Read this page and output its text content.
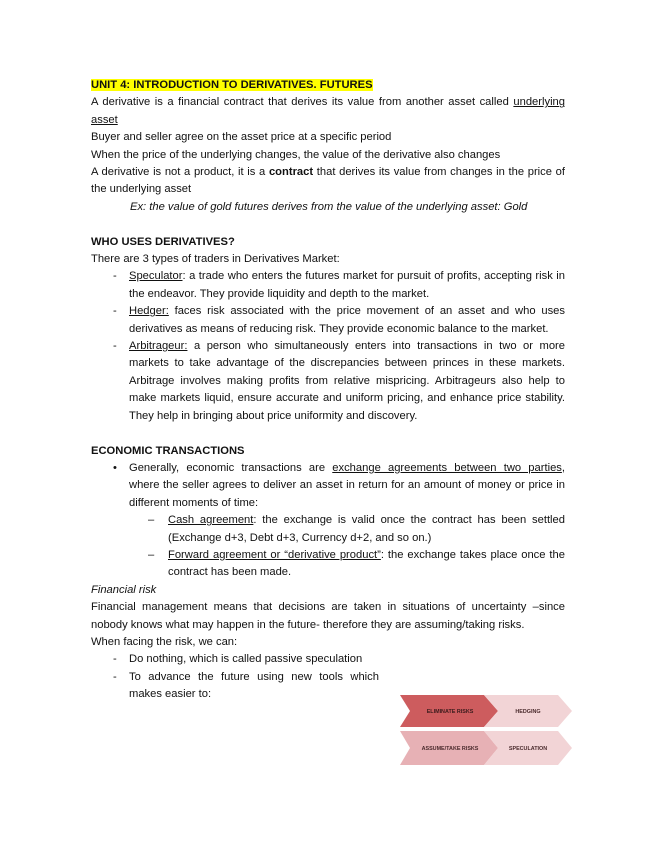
UNIT 4: INTRODUCTION TO DERIVATIVES. FUTURES

A derivative is a financial contract that derives its value from another asset called underlying asset

Buyer and seller agree on the asset price at a specific period

When the price of the underlying changes, the value of the derivative also changes

A derivative is not a product, it is a contract that derives its value from changes in the price of the underlying asset

Ex: the value of gold futures derives from the value of the underlying asset: Gold

WHO USES DERIVATIVES?

There are 3 types of traders in Derivatives Market:

- Speculator: a trade who enters the futures market for pursuit of profits, accepting risk in the endeavor. They provide liquidity and depth to the market.
- Hedger: faces risk associated with the price movement of an asset and who uses derivatives as means of reducing risk. They provide economic balance to the market.
- Arbitrageur: a person who simultaneously enters into transactions in two or more markets to take advantage of the discrepancies between princes in these markets. Arbitrage involves making profits from relative mispricing. Arbitrageurs also help to make markets liquid, ensure accurate and uniform pricing, and enhance price stability. They help in bringing about price uniformity and discovery.

ECONOMIC TRANSACTIONS

• Generally, economic transactions are exchange agreements between two parties, where the seller agrees to deliver an asset in return for an amount of money or price in different moments of time:
– Cash agreement: the exchange is valid once the contract has been settled (Exchange d+3, Debt d+3, Currency d+2, and so on.)
– Forward agreement or “derivative product”: the exchange takes place once the contract has been made.

Financial risk

Financial management means that decisions are taken in situations of uncertainty –since nobody knows what may happen in the future- therefore they are assuming/taking risks.

When facing the risk, we can:

- Do nothing, which is called passive speculation
- To advance the future using new tools which makes easier to:
ELIMINATE RISKS	HEDGING
ASSUME/TAKE RISKS	SPECULATION
